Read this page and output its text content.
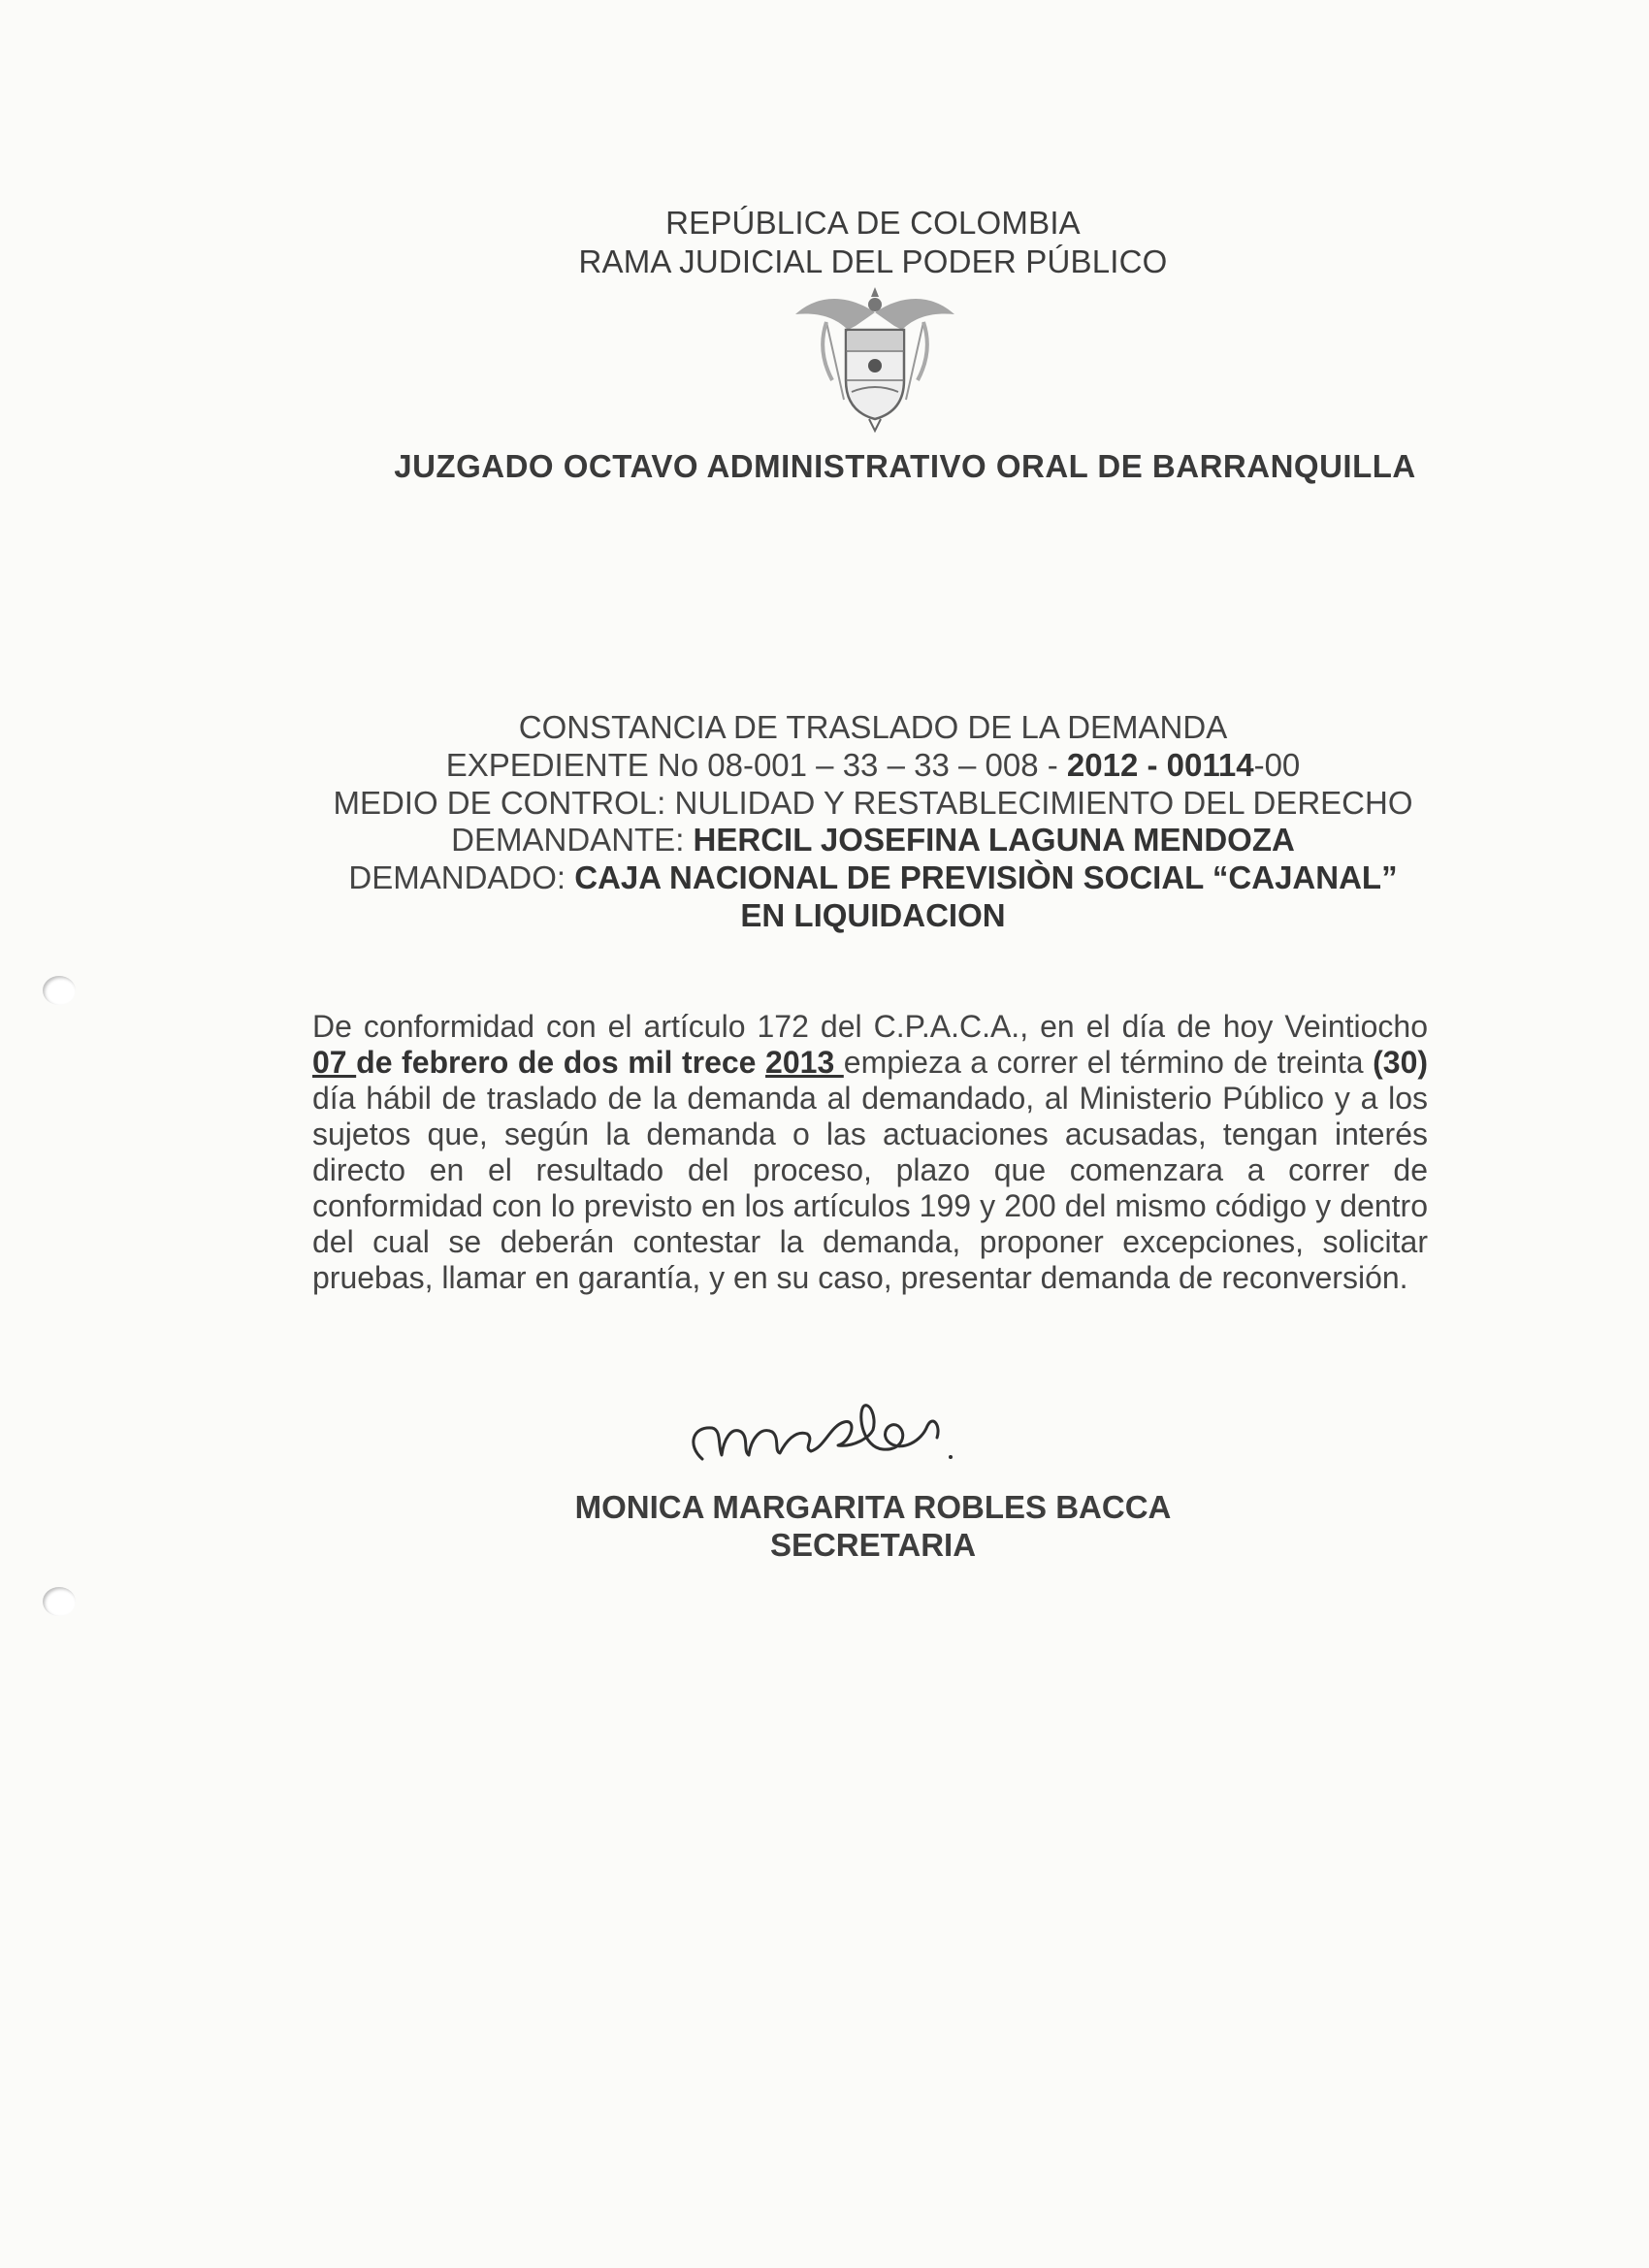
REPÚBLICA DE COLOMBIA
RAMA JUDICIAL DEL PODER PÚBLICO
JUZGADO OCTAVO ADMINISTRATIVO ORAL DE BARRANQUILLA
CONSTANCIA DE TRASLADO DE LA DEMANDA
EXPEDIENTE No 08-001 – 33 – 33 – 008 - 2012 - 00114-00
MEDIO DE CONTROL: NULIDAD Y RESTABLECIMIENTO DEL DERECHO
DEMANDANTE: HERCIL JOSEFINA LAGUNA MENDOZA
DEMANDADO: CAJA NACIONAL DE PREVISIÒN SOCIAL “CAJANAL”
EN LIQUIDACION
De conformidad con el artículo 172 del C.P.A.C.A., en el día de hoy Veintiocho 07 de febrero de dos mil trece 2013 empieza a correr el término de treinta (30) día hábil de traslado de la demanda al demandado, al Ministerio Público y a los sujetos que, según la demanda o las actuaciones acusadas, tengan interés directo en el resultado del proceso, plazo que comenzara a correr de conformidad con lo previsto en los artículos 199 y 200 del mismo código y dentro del cual se deberán contestar la demanda, proponer excepciones, solicitar pruebas, llamar en garantía, y en su caso, presentar demanda de reconversión.
MONICA MARGARITA ROBLES BACCA
SECRETARIA
